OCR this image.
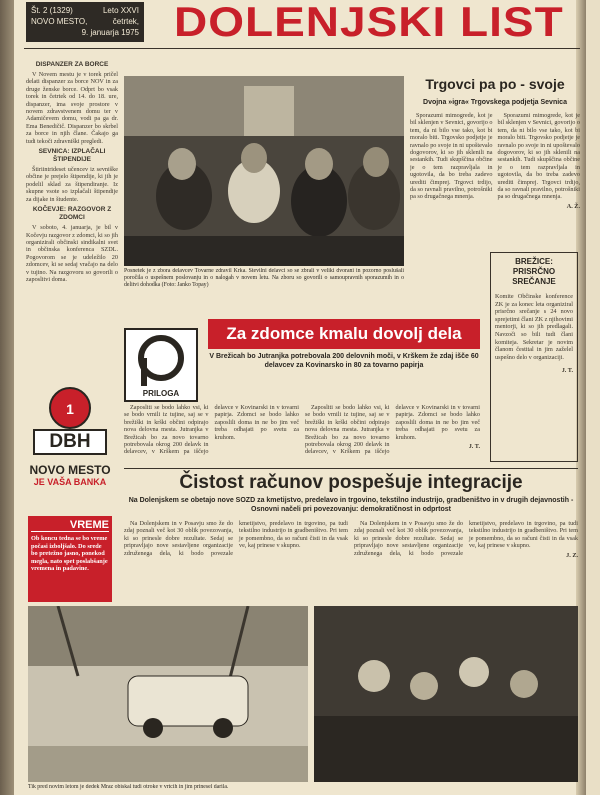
Št. 2 (1329)	Leto XXVI
NOVO MESTO,	četrtek,
9. januarja 1975 DOLENJSKI LIST
DISPANZER ZA BORCE

V Novem mestu je v torek pričel delati dispanzer za borce NOV in za druge ženske borce. Odprt bo vsak torek in četrtek od 14. do 18. ure, dispanzer, ima svoje prostore v novem zdravstvenem domu ter v Adamičevem domu, vodi pa ga dr. Ema Benedičič. Dispanzer bo skrbel za borce in njih člane. Čakajo ga tudi tekoči zdravniški pregledi.

SEVNICA: IZPLAČALI ŠTIPENDIJE

Štiriintrideset učencev iz sevniške občine je prejelo štipendije, ki jih je podelil sklad za štipendiranje. Iz skupne vsote so izplačali štipendije za dijake in študente.

KOČEVJE: RAZGOVOR Z ZDOMCI

V soboto, 4. januarja, je bil v Kočevju razgovor z zdomci, ki so jih organizirali občinski sindikalni svet in občinska konferenca SZDL. Pogovorom se je udeležilo 20 zdomcev, ki se sedaj vračajo na delo v tujino. Na razgovoru so govorili o zaposlitvi doma.

1
DBH
NOVO MESTO
JE VAŠA BANKA
VREME
Ob koncu tedna se bo vreme počasi izboljšalo. Do srede bo pretežno jasno, ponekod megla, nato spet poslabšanje vremena in padavine.
Posnetek je z zbora delavcev Tovarne zdravil Krka. Številni delavci so se zbrali v veliki dvorani in pozorno poslušali poročila o uspešnem poslovanju in o nalogah v novem letu. Na zboru so govorili o samoupravnih sporazumih in o delitvi dohodka (Foto: Janko Topay)
Trgovci pa po - svoje
Dvojna »igra« Trgovskega podjetja Sevnica

Sporazumi mimogrede, kot je bil sklenjen v Sevnici, govorijo o tem, da ni bilo vse tako, kot bi moralo biti. Trgovsko podjetje je ravnalo po svoje in ni upoštevalo dogovorov, ki so jih sklenili na sestankih. Tudi skupščina občine je o tem razpravljala in ugotovila, da bo treba zadevo urediti čimprej. Trgovci trdijo, da so ravnali pravilno, potrošniki pa so drugačnega mnenja.

Sporazumi mimogrede, kot je bil sklenjen v Sevnici, govorijo o tem, da ni bilo vse tako, kot bi moralo biti. Trgovsko podjetje je ravnalo po svoje in ni upoštevalo dogovorov, ki so jih sklenili na sestankih. Tudi skupščina občine je o tem razpravljala in ugotovila, da bo treba zadevo urediti čimprej. Trgovci trdijo, da so ravnali pravilno, potrošniki pa so drugačnega mnenja.

A. Ž.
BREŽICE: PRISRČNO SREČANJE
Komite Občinske konference ZK je za konec leta organiziral prisrčno srečanje s 24 novo sprejetimi člani ZK z njihovimi mentorji, ki so jih predlagali. Navzoči so bili tudi člani komiteja. Sekretar je novim članom čestital in jim zaželel uspešno delo v organizaciji.
J. T.
Za zdomce kmalu dovolj dela
V Brežicah bo Jutranjka potrebovala 200 delovnih moči, v Krškem že zdaj išče 60 delavcev za Kovinarsko in 80 za tovarno papirja
PRILOGA

Zaposliti se bodo lahko vsi, ki se bodo vrnili iz tujine, saj se v brežiški in krški občini odpirajo nova delovna mesta. Jutranjka v Brežicah bo za novo tovarno potrebovala okrog 200 delavk in delavcev, v Krškem pa iščejo delavce v Kovinarski in v tovarni papirja. Zdomci se bodo lahko zaposlili doma in ne bo jim več treba odhajati po svetu za kruhom.

Zaposliti se bodo lahko vsi, ki se bodo vrnili iz tujine, saj se v brežiški in krški občini odpirajo nova delovna mesta. Jutranjka v Brežicah bo za novo tovarno potrebovala okrog 200 delavk in delavcev, v Krškem pa iščejo delavce v Kovinarski in v tovarni papirja. Zdomci se bodo lahko zaposlili doma in ne bo jim več treba odhajati po svetu za kruhom.

J. T.
Čistost računov pospešuje integracije
Na Dolenjskem se obetajo nove SOZD za kmetijstvo, predelavo in trgovino, tekstilno industrijo, gradbeništvo in v drugih dejavnostih - Osnovni načeli pri povezovanju: demokratičnost in odprtost

Na Dolenjskem in v Posavju smo že do zdaj poznali več kot 30 oblik povezovanja, ki so prinesle dobre rezultate. Sedaj se pripravljajo nove sestavljene organizacije združenega dela, ki bodo povezale kmetijstvo, predelavo in trgovino, pa tudi tekstilno industrijo in gradbeništvo. Pri tem je pomembno, da so računi čisti in da vsak ve, kaj prinese v skupno.

Na Dolenjskem in v Posavju smo že do zdaj poznali več kot 30 oblik povezovanja, ki so prinesle dobre rezultate. Sedaj se pripravljajo nove sestavljene organizacije združenega dela, ki bodo povezale kmetijstvo, predelavo in trgovino, pa tudi tekstilno industrijo in gradbeništvo. Pri tem je pomembno, da so računi čisti in da vsak ve, kaj prinese v skupno.

J. Z.
Tik pred novim letom je dedek Mraz obiskal tudi otroke v vrtcih in jim prinesel darila.
